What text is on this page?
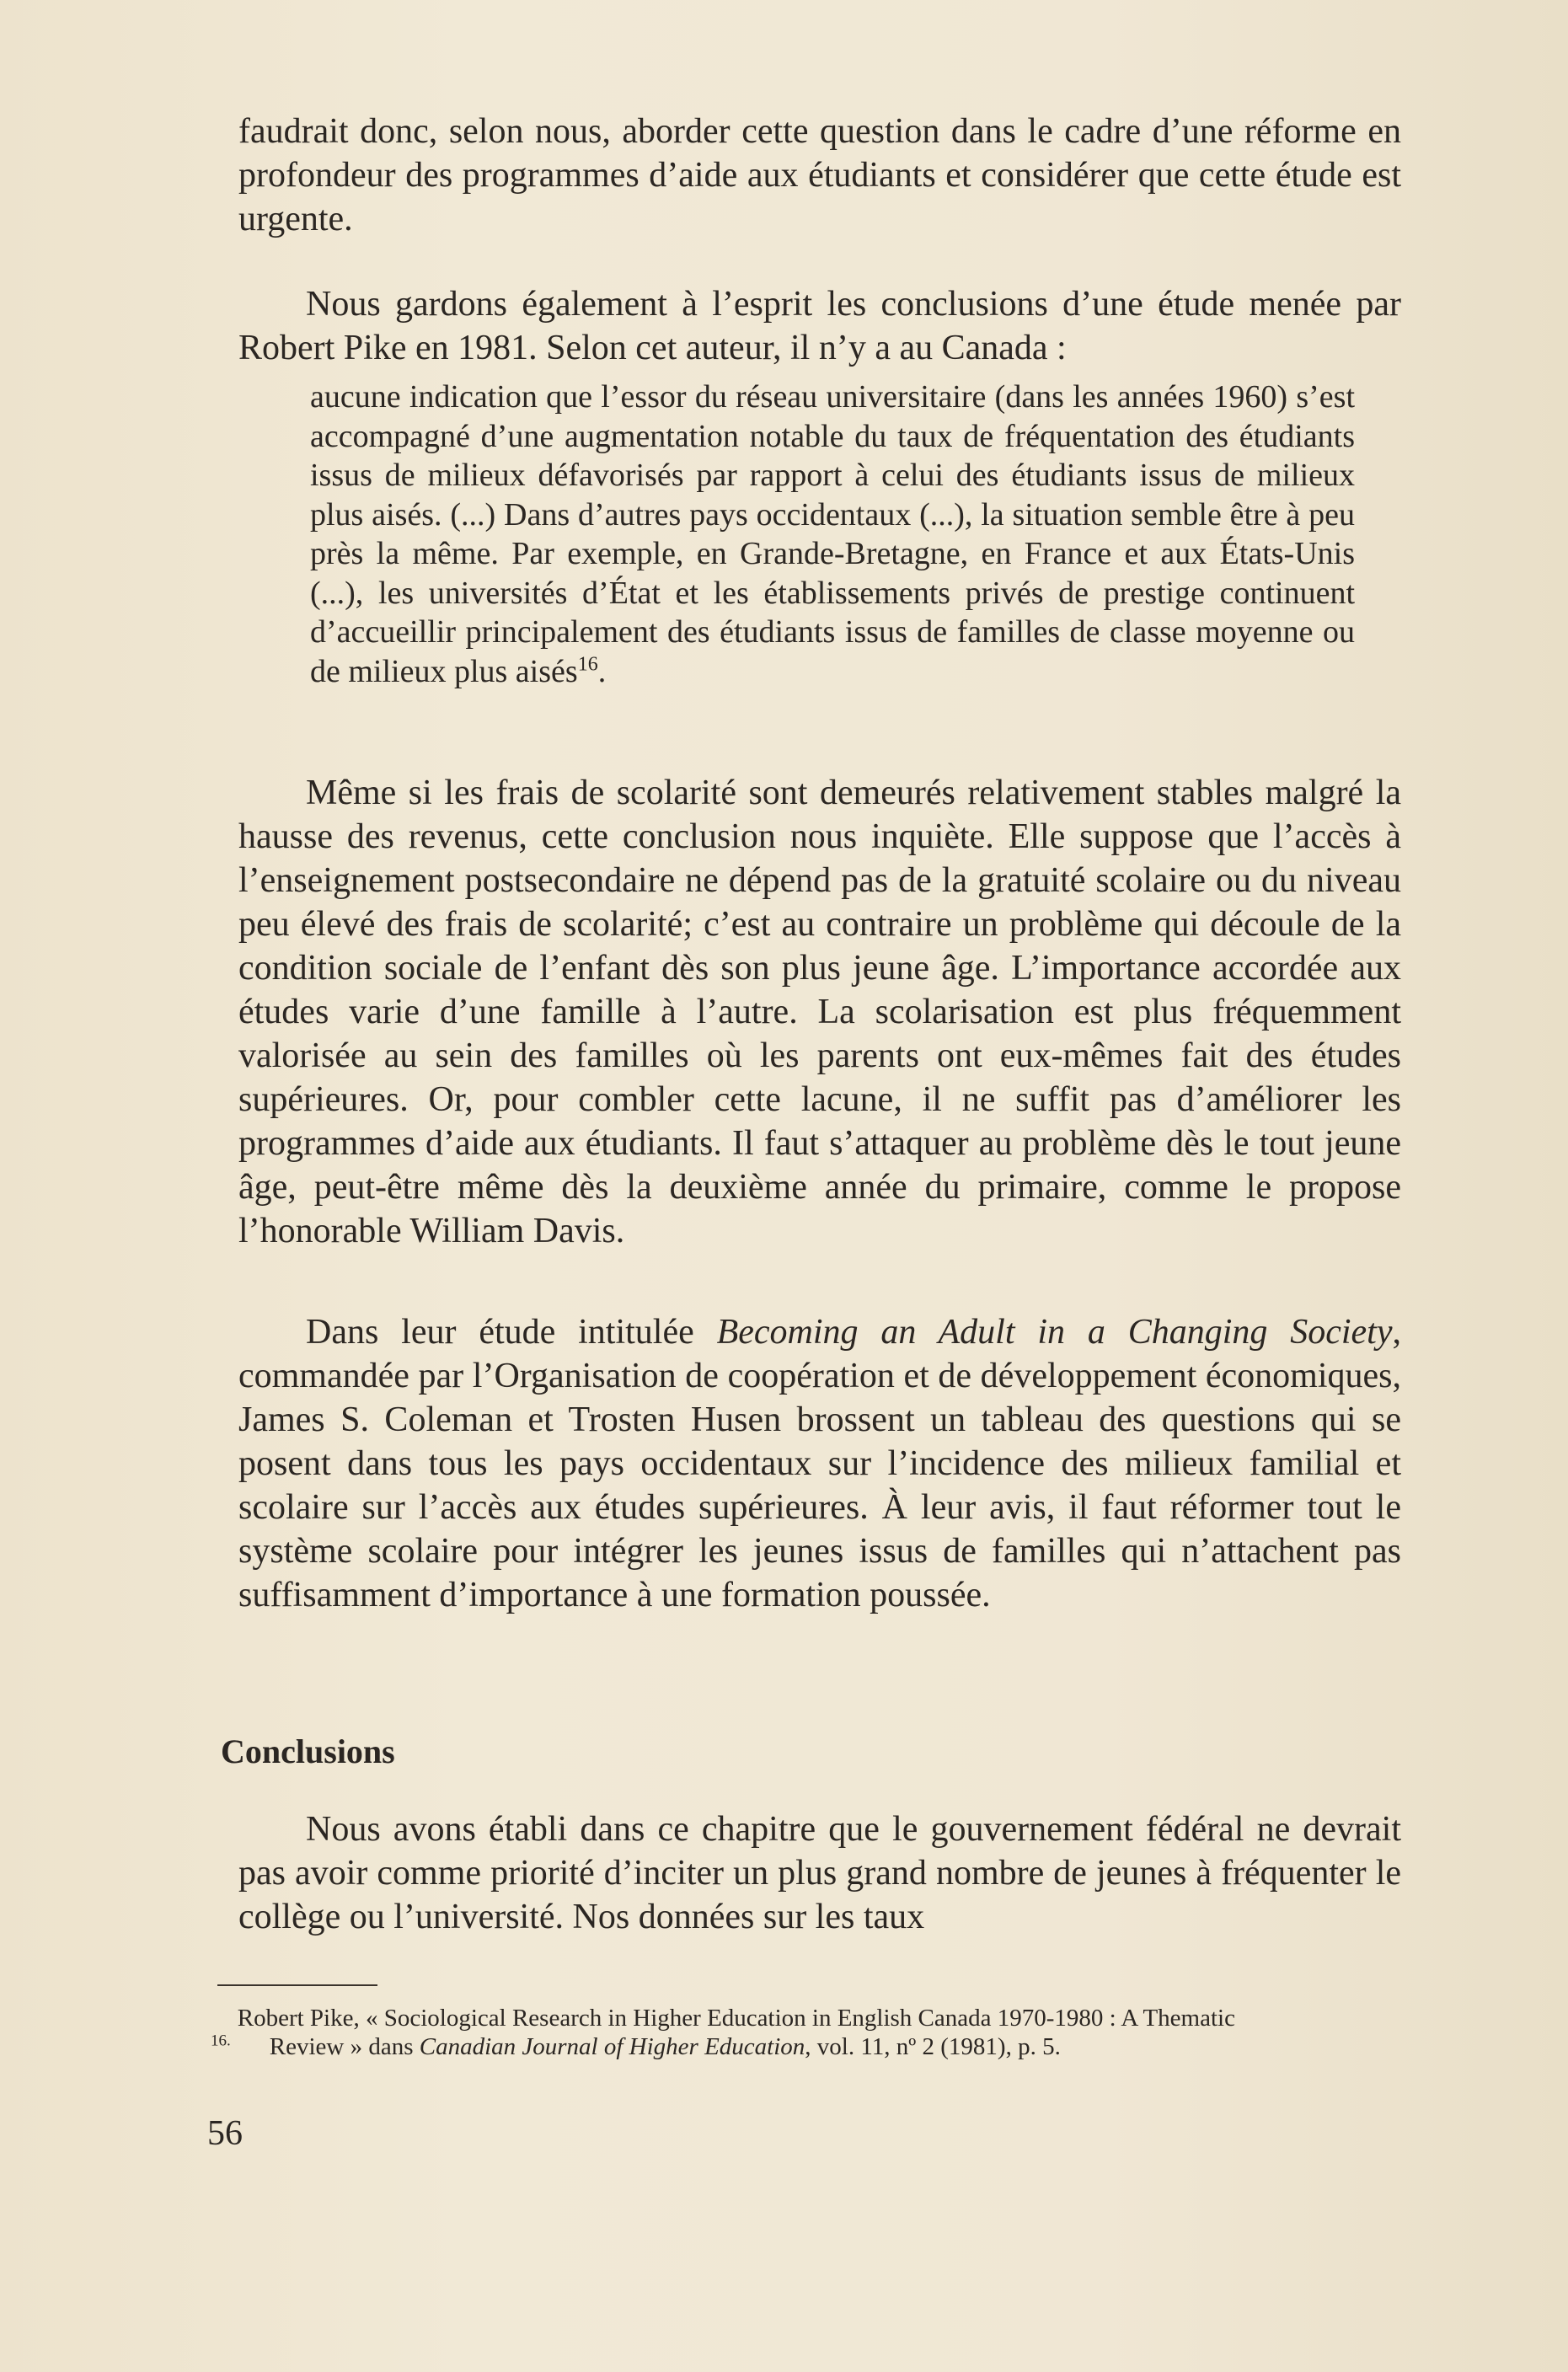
faudrait donc, selon nous, aborder cette question dans le cadre d’une réforme en profondeur des programmes d’aide aux étudiants et considérer que cette étude est urgente.

Nous gardons également à l’esprit les conclusions d’une étude menée par Robert Pike en 1981. Selon cet auteur, il n’y a au Canada :

aucune indication que l’essor du réseau universitaire (dans les années 1960) s’est accompagné d’une augmentation notable du taux de fréquentation des étudiants issus de milieux défavorisés par rapport à celui des étudiants issus de milieux plus aisés. (...) Dans d’autres pays occidentaux (...), la situation semble être à peu près la même. Par exemple, en Grande-Bretagne, en France et aux États-Unis (...), les universités d’État et les établissements privés de prestige continuent d’accueillir principalement des étudiants issus de familles de classe moyenne ou de milieux plus aisés$^{16}$.

Même si les frais de scolarité sont demeurés relativement stables malgré la hausse des revenus, cette conclusion nous inquiète. Elle suppose que l’accès à l’enseignement postsecondaire ne dépend pas de la gratuité scolaire ou du niveau peu élevé des frais de scolarité; c’est au contraire un problème qui découle de la condition sociale de l’enfant dès son plus jeune âge. L’importance accordée aux études varie d’une famille à l’autre. La scolarisation est plus fréquemment valorisée au sein des familles où les parents ont eux-mêmes fait des études supérieures. Or, pour combler cette lacune, il ne suffit pas d’améliorer les programmes d’aide aux étudiants. Il faut s’attaquer au problème dès le tout jeune âge, peut-être même dès la deuxième année du primaire, comme le propose l’honorable William Davis.

Dans leur étude intitulée Becoming an Adult in a Changing Society, commandée par l’Organisation de coopération et de développement économiques, James S. Coleman et Trosten Husen brossent un tableau des questions qui se posent dans tous les pays occidentaux sur l’incidence des milieux familial et scolaire sur l’accès aux études supérieures. À leur avis, il faut réformer tout le système scolaire pour intégrer les jeunes issus de familles qui n’attachent pas suffisamment d’importance à une formation poussée.

Conclusions

Nous avons établi dans ce chapitre que le gouvernement fédéral ne devrait pas avoir comme priorité d’inciter un plus grand nombre de jeunes à fréquenter le collège ou l’université. Nos données sur les taux

$^{16.}$Robert Pike, « Sociological Research in Higher Education in English Canada 1970-1980 : A Thematic
Review » dans Canadian Journal of Higher Education, vol. 11, nº 2 (1981), p. 5.

56
